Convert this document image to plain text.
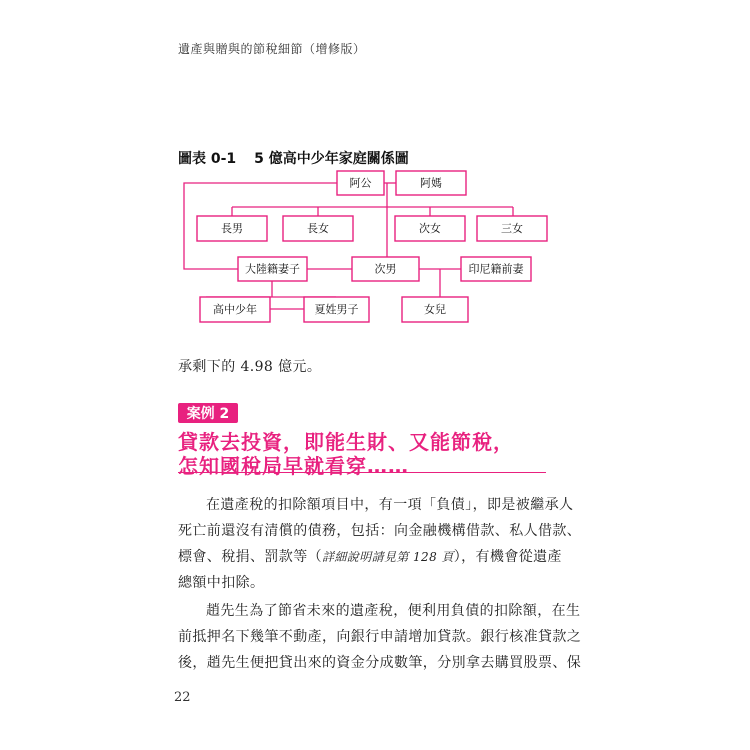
遺產與贈與的節稅細節（增修版）
圖表 0-1 5 億高中少年家庭關係圖
阿公	阿媽
長男	長女	次女	三女
大陸籍妻子	次男	印尼籍前妻
高中少年	夏姓男子	女兒
承剩下的 4.98 億元。
案例 2
貸款去投資，即能生財、又能節稅，
怎知國稅局早就看穿……
在遺產稅的扣除額項目中，有一項「負債」，即是被繼承人
死亡前還沒有清償的債務，包括：向金融機構借款、私人借款、
標會、稅捐、罰款等（詳細說明請見第 128 頁），有機會從遺產
總額中扣除。
趙先生為了節省未來的遺產稅，便利用負債的扣除額，在生
前抵押名下幾筆不動產，向銀行申請增加貸款。銀行核准貸款之
後，趙先生便把貸出來的資金分成數筆，分別拿去購買股票、保
22
